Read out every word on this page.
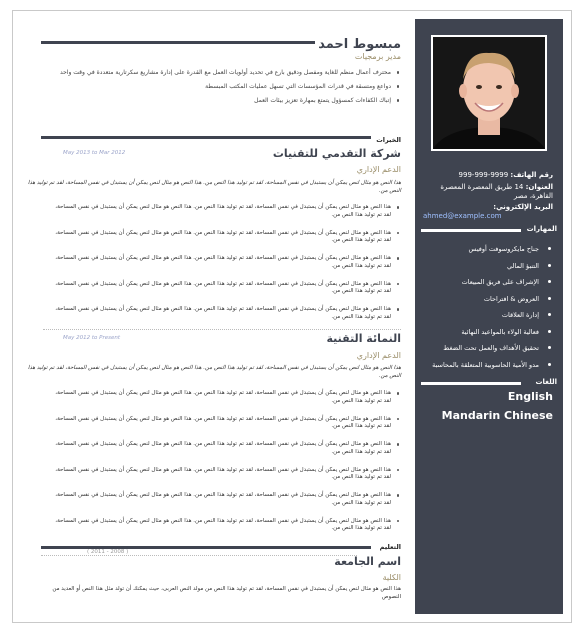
مبسوط احمد
مدير برمجيات
محترف أعمال منظم للغاية ومفصل ودقيق بارع في تحديد أولويات العمل مع القدرة على إدارة مشاريع سكرتارية متعددة في وقت واحد
دواعع ومتسقة في قدرات المؤسسات التي تسهل عمليات المكتب المبسطة
إتباك الكفاءات كمسؤول يتمتع بمهارة تعزيز بيئات العمل
الخبرات
May 2013 to Mar 2012	شركة التقدمي للتقنيات
الدعم الإداري
هذا النص هو مثال لنص يمكن أن يستبدل في نفس المساحة، لقد تم توليد هذا النص من. هذا النص هو مثال لنص يمكن أن يستبدل في نفس المساحة، لقد تم توليد هذا النص من.
هذا النص هو مثال لنص يمكن أن يستبدل في نفس المساحة، لقد تم توليد هذا النص من. هذا النص هو مثال لنص يمكن أن يستبدل في نفس المساحة، لقد تم توليد هذا النص من.
هذا النص هو مثال لنص يمكن أن يستبدل في نفس المساحة، لقد تم توليد هذا النص من. هذا النص هو مثال لنص يمكن أن يستبدل في نفس المساحة، لقد تم توليد هذا النص من.
هذا النص هو مثال لنص يمكن أن يستبدل في نفس المساحة، لقد تم توليد هذا النص من. هذا النص هو مثال لنص يمكن أن يستبدل في نفس المساحة، لقد تم توليد هذا النص من.
هذا النص هو مثال لنص يمكن أن يستبدل في نفس المساحة، لقد تم توليد هذا النص من. هذا النص هو مثال لنص يمكن أن يستبدل في نفس المساحة، لقد تم توليد هذا النص من.
هذا النص هو مثال لنص يمكن أن يستبدل في نفس المساحة، لقد تم توليد هذا النص من. هذا النص هو مثال لنص يمكن أن يستبدل في نفس المساحة، لقد تم توليد هذا النص من.
May 2012 to Present	النمائة التقنية
الدعم الإداري
هذا النص هو مثال لنص يمكن أن يستبدل في نفس المساحة، لقد تم توليد هذا النص من. هذا النص هو مثال لنص يمكن أن يستبدل في نفس المساحة، لقد تم توليد هذا النص من.
هذا النص هو مثال لنص يمكن أن يستبدل في نفس المساحة، لقد تم توليد هذا النص من. هذا النص هو مثال لنص يمكن أن يستبدل في نفس المساحة، لقد تم توليد هذا النص من.
هذا النص هو مثال لنص يمكن أن يستبدل في نفس المساحة، لقد تم توليد هذا النص من. هذا النص هو مثال لنص يمكن أن يستبدل في نفس المساحة، لقد تم توليد هذا النص من.
هذا النص هو مثال لنص يمكن أن يستبدل في نفس المساحة، لقد تم توليد هذا النص من. هذا النص هو مثال لنص يمكن أن يستبدل في نفس المساحة، لقد تم توليد هذا النص من.
هذا النص هو مثال لنص يمكن أن يستبدل في نفس المساحة، لقد تم توليد هذا النص من. هذا النص هو مثال لنص يمكن أن يستبدل في نفس المساحة، لقد تم توليد هذا النص من.
هذا النص هو مثال لنص يمكن أن يستبدل في نفس المساحة، لقد تم توليد هذا النص من. هذا النص هو مثال لنص يمكن أن يستبدل في نفس المساحة، لقد تم توليد هذا النص من.
هذا النص هو مثال لنص يمكن أن يستبدل في نفس المساحة، لقد تم توليد هذا النص من. هذا النص هو مثال لنص يمكن أن يستبدل في نفس المساحة، لقد تم توليد هذا النص من.
التعليم
( 2011 - 2008 )
اسم الجامعة
الكلية
هذا النص هو مثال لنص يمكن أن يستبدل في نفس المساحة، لقد تم توليد هذا النص من مولد النص العربى، حيث يمكنك أن تولد مثل هذا النص أو العديد من النصوص
رقم الهاتف: 9999-999-999
العنوان: 14 طريق المعصرة المعصرة القاهرة، مصر
البريد الإلكتروني:
ahmed@example.com
المهارات
جناح مايكروسوفت أوفيس
التنبؤ المالي
الإشراف على فريق المبيعات
العروض & افتراحات
إدارة العلاقات
فعالية الولاء بالمواعيد النهائية
تحقيق الأهداف والعمل تحت الضغط
مدو الأمية الحاسوبية المتعلقة بالمحاسبة
اللغات
English
Mandarin Chinese
